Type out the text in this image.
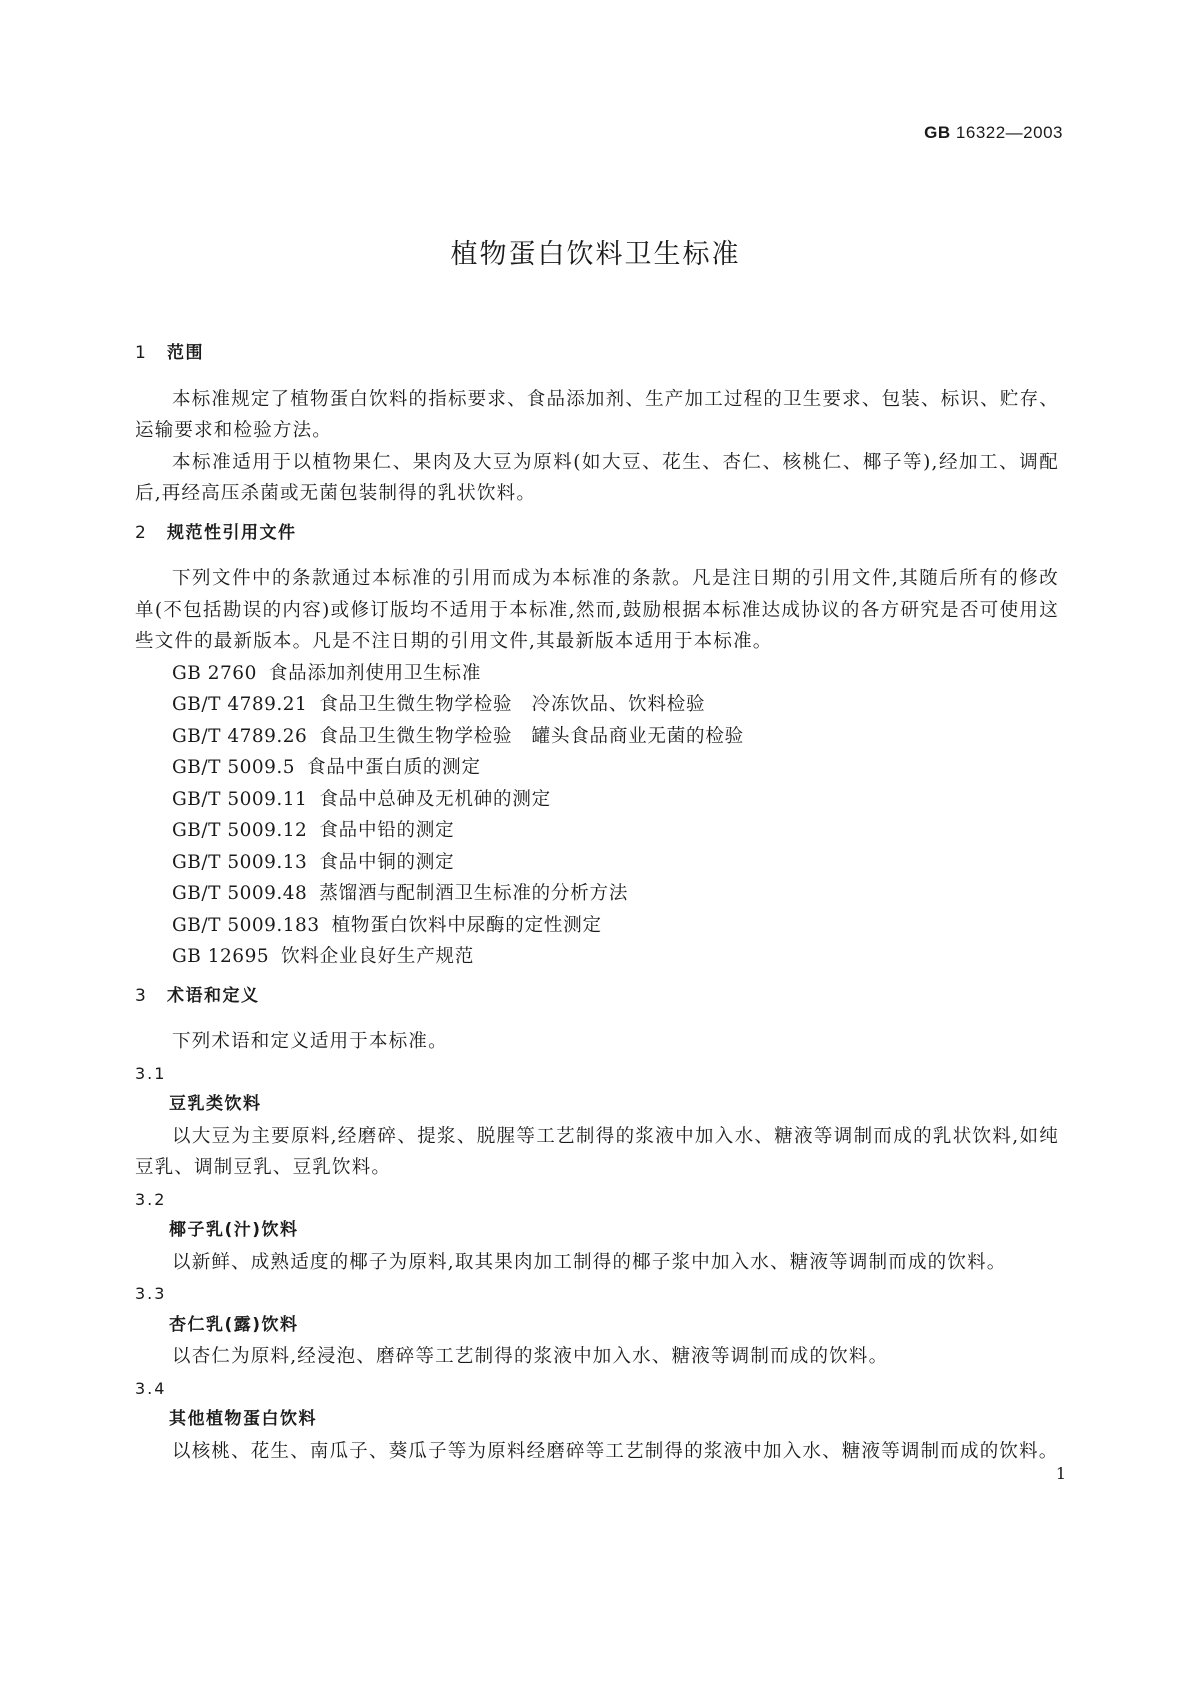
GB 16322—2003
植物蛋白饮料卫生标准
1 范围

本标准规定了植物蛋白饮料的指标要求、食品添加剂、生产加工过程的卫生要求、包装、标识、贮存、运输要求和检验方法。

本标准适用于以植物果仁、果肉及大豆为原料(如大豆、花生、杏仁、核桃仁、椰子等),经加工、调配后,再经高压杀菌或无菌包装制得的乳状饮料。

2 规范性引用文件

下列文件中的条款通过本标准的引用而成为本标准的条款。凡是注日期的引用文件,其随后所有的修改单(不包括勘误的内容)或修订版均不适用于本标准,然而,鼓励根据本标准达成协议的各方研究是否可使用这些文件的最新版本。凡是不注日期的引用文件,其最新版本适用于本标准。

GB 2760 食品添加剂使用卫生标准
GB/T 4789.21 食品卫生微生物学检验　冷冻饮品、饮料检验
GB/T 4789.26 食品卫生微生物学检验　罐头食品商业无菌的检验
GB/T 5009.5 食品中蛋白质的测定
GB/T 5009.11 食品中总砷及无机砷的测定
GB/T 5009.12 食品中铅的测定
GB/T 5009.13 食品中铜的测定
GB/T 5009.48 蒸馏酒与配制酒卫生标准的分析方法
GB/T 5009.183 植物蛋白饮料中尿酶的定性测定
GB 12695 饮料企业良好生产规范
3 术语和定义

下列术语和定义适用于本标准。

3.1

豆乳类饮料

以大豆为主要原料,经磨碎、提浆、脱腥等工艺制得的浆液中加入水、糖液等调制而成的乳状饮料,如纯豆乳、调制豆乳、豆乳饮料。

3.2

椰子乳(汁)饮料

以新鲜、成熟适度的椰子为原料,取其果肉加工制得的椰子浆中加入水、糖液等调制而成的饮料。

3.3

杏仁乳(露)饮料

以杏仁为原料,经浸泡、磨碎等工艺制得的浆液中加入水、糖液等调制而成的饮料。

3.4

其他植物蛋白饮料

以核桃、花生、南瓜子、葵瓜子等为原料经磨碎等工艺制得的浆液中加入水、糖液等调制而成的饮料。

1
